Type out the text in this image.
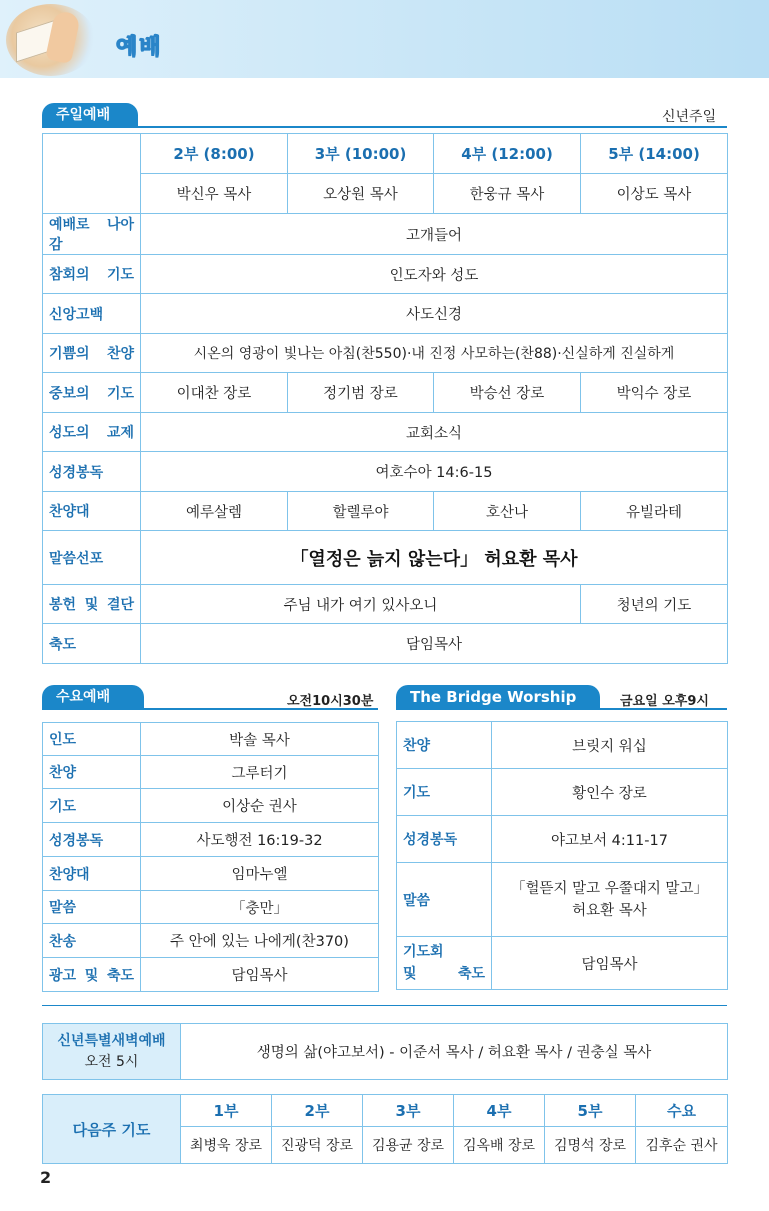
예배
주일예배	신년주일
	2부 (8:00)	3부 (10:00)	4부 (12:00)	5부 (14:00)
	박신우 목사	오상원 목사	한웅규 목사	이상도 목사
예배로 나아감	고개들어			
참회의 기도	인도자와 성도			
신앙고백	사도신경			
기쁨의 찬양	시온의 영광이 빛나는 아침(찬550)·내 진정 사모하는(찬88)·신실하게 진실하게			
중보의 기도	이대찬 장로	정기범 장로	박승선 장로	박익수 장로
성도의 교제	교회소식			
성경봉독	여호수아 14:6-15			
찬양대	예루살렘	할렐루야	호산나	유빌라테
말씀선포	「열정은 늙지 않는다」 허요환 목사			
봉헌 및 결단	주님 내가 여기 있사오니			청년의 기도
축도	담임목사			
수요예배	오전10시30분
인도	박솔 목사
찬양	그루터기
기도	이상순 권사
성경봉독	사도행전 16:19-32
찬양대	임마누엘
말씀	「충만」
찬송	주 안에 있는 나에게(찬370)
광고 및 축도	담임목사
The Bridge Worship	금요일 오후9시
찬양	브릿지 워십
기도	황인수 장로
성경봉독	야고보서 4:11-17
말씀	「헐뜯지 말고 우쭐대지 말고」
허요환 목사

기도회
및 축도	담임목사
신년특별새벽예배
오전 5시
	생명의 삶(야고보서) - 이준서 목사 / 허요환 목사 / 권충실 목사
다음주 기도	1부	2부	3부	4부	5부	수요
	최병욱 장로	진광덕 장로	김용균 장로	김옥배 장로	김명석 장로	김후순 권사
2
